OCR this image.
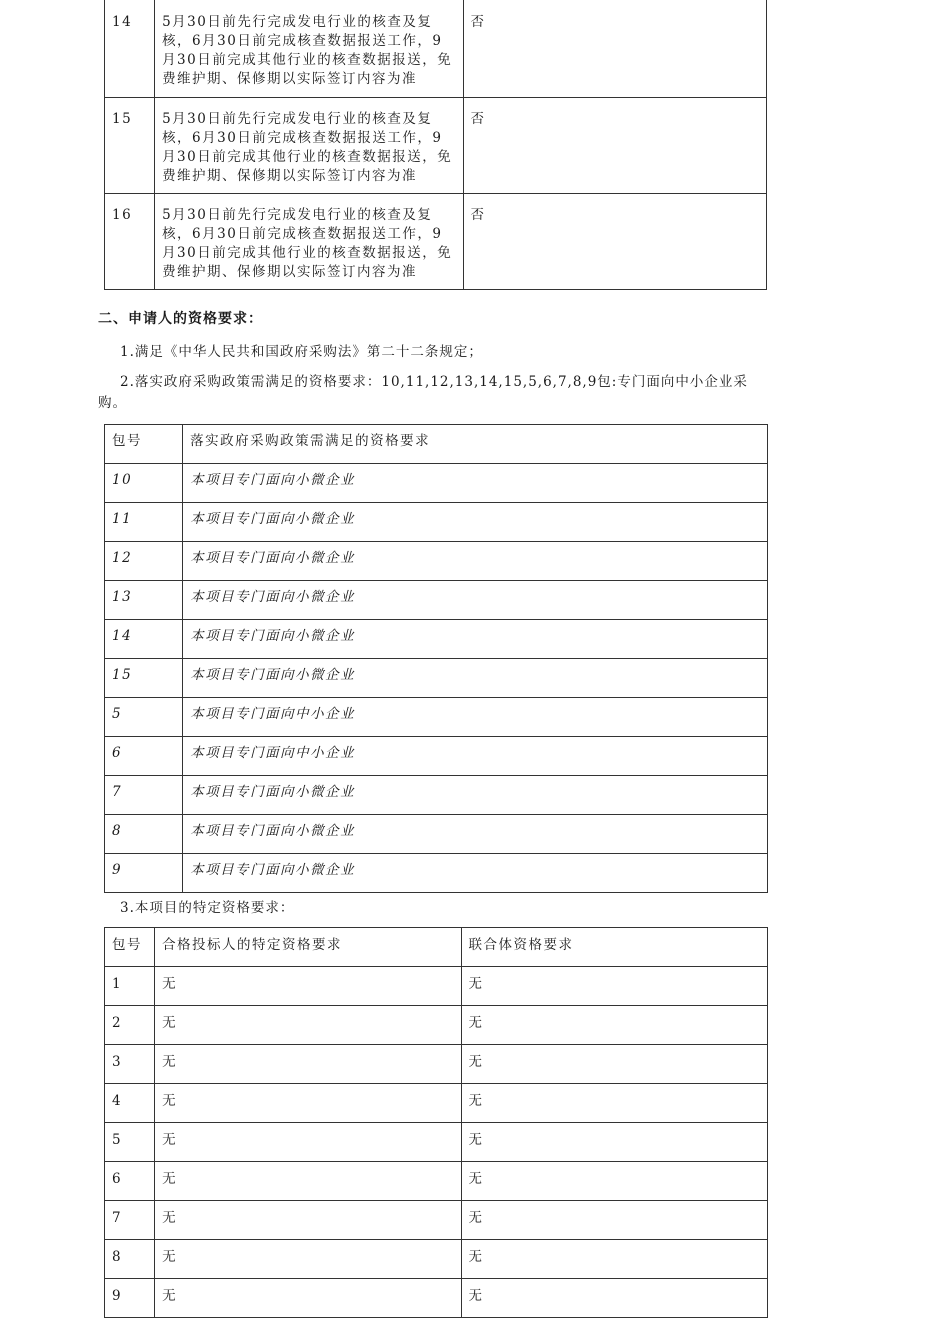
14	5月30日前先行完成发电行业的核查及复核，6月30日前完成核查数据报送工作，9月30日前完成其他行业的核查数据报送，免费维护期、保修期以实际签订内容为准	否

15	5月30日前先行完成发电行业的核查及复核，6月30日前完成核查数据报送工作，9月30日前完成其他行业的核查数据报送，免费维护期、保修期以实际签订内容为准	否

16	5月30日前先行完成发电行业的核查及复核，6月30日前完成核查数据报送工作，9月30日前完成其他行业的核查数据报送，免费维护期、保修期以实际签订内容为准	否
二、申请人的资格要求：
1.满足《中华人民共和国政府采购法》第二十二条规定；
2.落实政府采购政策需满足的资格要求：10,11,12,13,14,15,5,6,7,8,9包:专门面向中小企业采购。
包号	落实政府采购政策需满足的资格要求

10	本项目专门面向小微企业

11	本项目专门面向小微企业

12	本项目专门面向小微企业

13	本项目专门面向小微企业

14	本项目专门面向小微企业

15	本项目专门面向小微企业

5	本项目专门面向中小企业

6	本项目专门面向中小企业

7	本项目专门面向小微企业

8	本项目专门面向小微企业

9	本项目专门面向小微企业
3.本项目的特定资格要求：
包号	合格投标人的特定资格要求	联合体资格要求

1	无	无

2	无	无

3	无	无

4	无	无

5	无	无

6	无	无

7	无	无

8	无	无

9	无	无
